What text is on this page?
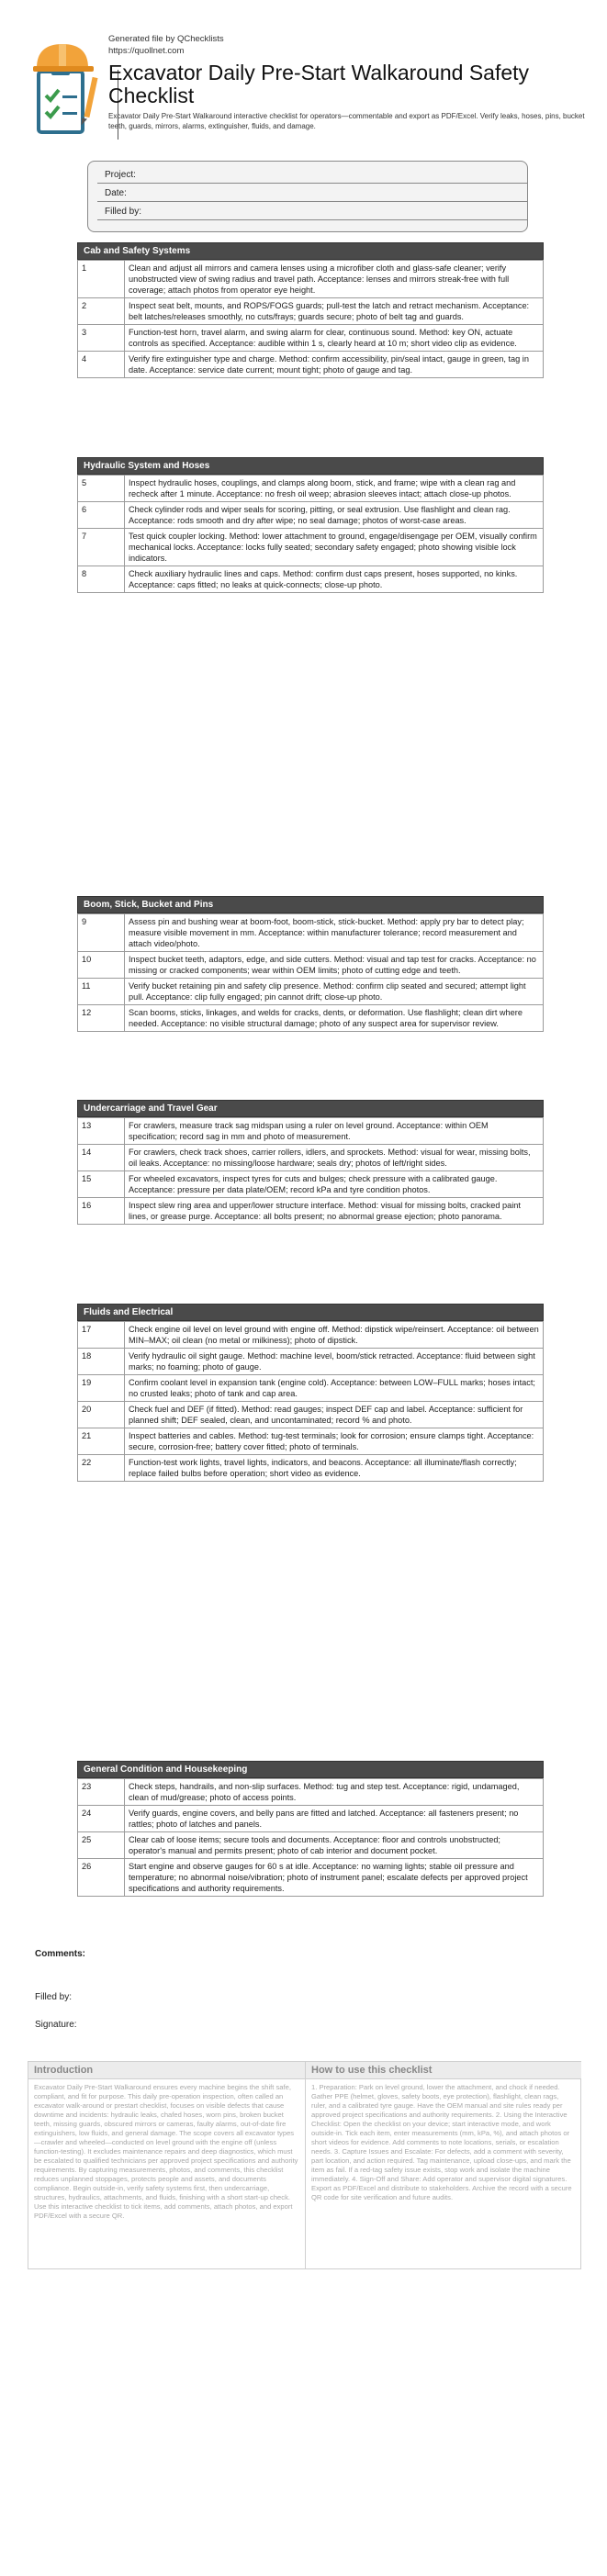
Generated file by QChecklists
https://quollnet.com
Excavator Daily Pre-Start Walkaround Safety Checklist
Excavator Daily Pre-Start Walkaround interactive checklist for operators—commentable and export as PDF/Excel. Verify leaks, hoses, pins, bucket teeth, guards, mirrors, alarms, extinguisher, fluids, and damage.
Project:
Date:
Filled by:
Cab and Safety Systems
1	Clean and adjust all mirrors and camera lenses using a microfiber cloth and glass-safe cleaner; verify unobstructed view of swing radius and travel path. Acceptance: lenses and mirrors streak-free with full coverage; attach photos from operator eye height.
2	Inspect seat belt, mounts, and ROPS/FOGS guards; pull-test the latch and retract mechanism. Acceptance: belt latches/releases smoothly, no cuts/frays; guards secure; photo of belt tag and guards.
3	Function-test horn, travel alarm, and swing alarm for clear, continuous sound. Method: key ON, actuate controls as specified. Acceptance: audible within 1 s, clearly heard at 10 m; short video clip as evidence.
4	Verify fire extinguisher type and charge. Method: confirm accessibility, pin/seal intact, gauge in green, tag in date. Acceptance: service date current; mount tight; photo of gauge and tag.
Hydraulic System and Hoses
5	Inspect hydraulic hoses, couplings, and clamps along boom, stick, and frame; wipe with a clean rag and recheck after 1 minute. Acceptance: no fresh oil weep; abrasion sleeves intact; attach close-up photos.
6	Check cylinder rods and wiper seals for scoring, pitting, or seal extrusion. Use flashlight and clean rag. Acceptance: rods smooth and dry after wipe; no seal damage; photos of worst-case areas.
7	Test quick coupler locking. Method: lower attachment to ground, engage/disengage per OEM, visually confirm mechanical locks. Acceptance: locks fully seated; secondary safety engaged; photo showing visible lock indicators.
8	Check auxiliary hydraulic lines and caps. Method: confirm dust caps present, hoses supported, no kinks. Acceptance: caps fitted; no leaks at quick-connects; close-up photo.
Boom, Stick, Bucket and Pins
9	Assess pin and bushing wear at boom-foot, boom-stick, stick-bucket. Method: apply pry bar to detect play; measure visible movement in mm. Acceptance: within manufacturer tolerance; record measurement and attach video/photo.
10	Inspect bucket teeth, adaptors, edge, and side cutters. Method: visual and tap test for cracks. Acceptance: no missing or cracked components; wear within OEM limits; photo of cutting edge and teeth.
11	Verify bucket retaining pin and safety clip presence. Method: confirm clip seated and secured; attempt light pull. Acceptance: clip fully engaged; pin cannot drift; close-up photo.
12	Scan booms, sticks, linkages, and welds for cracks, dents, or deformation. Use flashlight; clean dirt where needed. Acceptance: no visible structural damage; photo of any suspect area for supervisor review.
Undercarriage and Travel Gear
13	For crawlers, measure track sag midspan using a ruler on level ground. Acceptance: within OEM specification; record sag in mm and photo of measurement.
14	For crawlers, check track shoes, carrier rollers, idlers, and sprockets. Method: visual for wear, missing bolts, oil leaks. Acceptance: no missing/loose hardware; seals dry; photos of left/right sides.
15	For wheeled excavators, inspect tyres for cuts and bulges; check pressure with a calibrated gauge. Acceptance: pressure per data plate/OEM; record kPa and tyre condition photos.
16	Inspect slew ring area and upper/lower structure interface. Method: visual for missing bolts, cracked paint lines, or grease purge. Acceptance: all bolts present; no abnormal grease ejection; photo panorama.
Fluids and Electrical
17	Check engine oil level on level ground with engine off. Method: dipstick wipe/reinsert. Acceptance: oil between MIN–MAX; oil clean (no metal or milkiness); photo of dipstick.
18	Verify hydraulic oil sight gauge. Method: machine level, boom/stick retracted. Acceptance: fluid between sight marks; no foaming; photo of gauge.
19	Confirm coolant level in expansion tank (engine cold). Acceptance: between LOW–FULL marks; hoses intact; no crusted leaks; photo of tank and cap area.
20	Check fuel and DEF (if fitted). Method: read gauges; inspect DEF cap and label. Acceptance: sufficient for planned shift; DEF sealed, clean, and uncontaminated; record % and photo.
21	Inspect batteries and cables. Method: tug-test terminals; look for corrosion; ensure clamps tight. Acceptance: secure, corrosion-free; battery cover fitted; photo of terminals.
22	Function-test work lights, travel lights, indicators, and beacons. Acceptance: all illuminate/flash correctly; replace failed bulbs before operation; short video as evidence.
General Condition and Housekeeping
23	Check steps, handrails, and non-slip surfaces. Method: tug and step test. Acceptance: rigid, undamaged, clean of mud/grease; photo of access points.
24	Verify guards, engine covers, and belly pans are fitted and latched. Acceptance: all fasteners present; no rattles; photo of latches and panels.
25	Clear cab of loose items; secure tools and documents. Acceptance: floor and controls unobstructed; operator's manual and permits present; photo of cab interior and document pocket.
26	Start engine and observe gauges for 60 s at idle. Acceptance: no warning lights; stable oil pressure and temperature; no abnormal noise/vibration; photo of instrument panel; escalate defects per approved project specifications and authority requirements.
Comments:
Filled by:
Signature:
Introduction
Excavator Daily Pre-Start Walkaround ensures every machine begins the shift safe, compliant, and fit for purpose. This daily pre-operation inspection, often called an excavator walk-around or prestart checklist, focuses on visible defects that cause downtime and incidents: hydraulic leaks, chafed hoses, worn pins, broken bucket teeth, missing guards, obscured mirrors or cameras, faulty alarms, out-of-date fire extinguishers, low fluids, and general damage. The scope covers all excavator types—crawler and wheeled—conducted on level ground with the engine off (unless function-testing). It excludes maintenance repairs and deep diagnostics, which must be escalated to qualified technicians per approved project specifications and authority requirements. By capturing measurements, photos, and comments, this checklist reduces unplanned stoppages, protects people and assets, and documents compliance. Begin outside-in, verify safety systems first, then undercarriage, structures, hydraulics, attachments, and fluids, finishing with a short start-up check. Use this interactive checklist to tick items, add comments, attach photos, and export PDF/Excel with a secure QR.
How to use this checklist
1. Preparation: Park on level ground, lower the attachment, and chock if needed. Gather PPE (helmet, gloves, safety boots, eye protection), flashlight, clean rags, ruler, and a calibrated tyre gauge. Have the OEM manual and site rules ready per approved project specifications and authority requirements. 2. Using the Interactive Checklist: Open the checklist on your device; start interactive mode, and work outside-in. Tick each item, enter measurements (mm, kPa, %), and attach photos or short videos for evidence. Add comments to note locations, serials, or escalation needs. 3. Capture Issues and Escalate: For defects, add a comment with severity, part location, and action required. Tag maintenance, upload close-ups, and mark the item as fail. If a red-tag safety issue exists, stop work and isolate the machine immediately. 4. Sign-Off and Share: Add operator and supervisor digital signatures. Export as PDF/Excel and distribute to stakeholders. Archive the record with a secure QR code for site verification and future audits.
